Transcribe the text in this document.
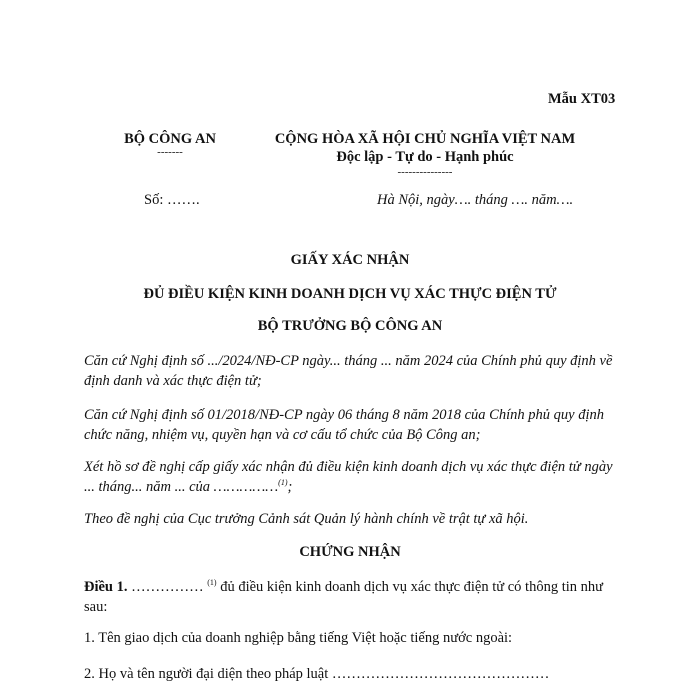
Mẫu XT03
BỘ CÔNG AN
-------
CỘNG HÒA XÃ HỘI CHỦ NGHĨA VIỆT NAM
Độc lập - Tự do - Hạnh phúc
---------------
Số: …….	Hà Nội, ngày…. tháng …. năm….
GIẤY XÁC NHẬN
ĐỦ ĐIỀU KIỆN KINH DOANH DỊCH VỤ XÁC THỰC ĐIỆN TỬ
BỘ TRƯỞNG BỘ CÔNG AN
Căn cứ Nghị định số .../2024/NĐ-CP ngày... tháng ... năm 2024 của Chính phủ quy định về định danh và xác thực điện tử;
Căn cứ Nghị định số 01/2018/NĐ-CP ngày 06 tháng 8 năm 2018 của Chính phủ quy định chức năng, nhiệm vụ, quyền hạn và cơ cấu tổ chức của Bộ Công an;
Xét hồ sơ đề nghị cấp giấy xác nhận đủ điều kiện kinh doanh dịch vụ xác thực điện tử ngày ... tháng... năm ... của ……………$^{(1)}$;
Theo đề nghị của Cục trưởng Cảnh sát Quản lý hành chính về trật tự xã hội.
CHỨNG NHẬN
Điều 1. …………… $^{(1)}$ đủ điều kiện kinh doanh dịch vụ xác thực điện tử có thông tin như sau:
1. Tên giao dịch của doanh nghiệp bằng tiếng Việt hoặc tiếng nước ngoài:
2. Họ và tên người đại diện theo pháp luật ………………………………………
